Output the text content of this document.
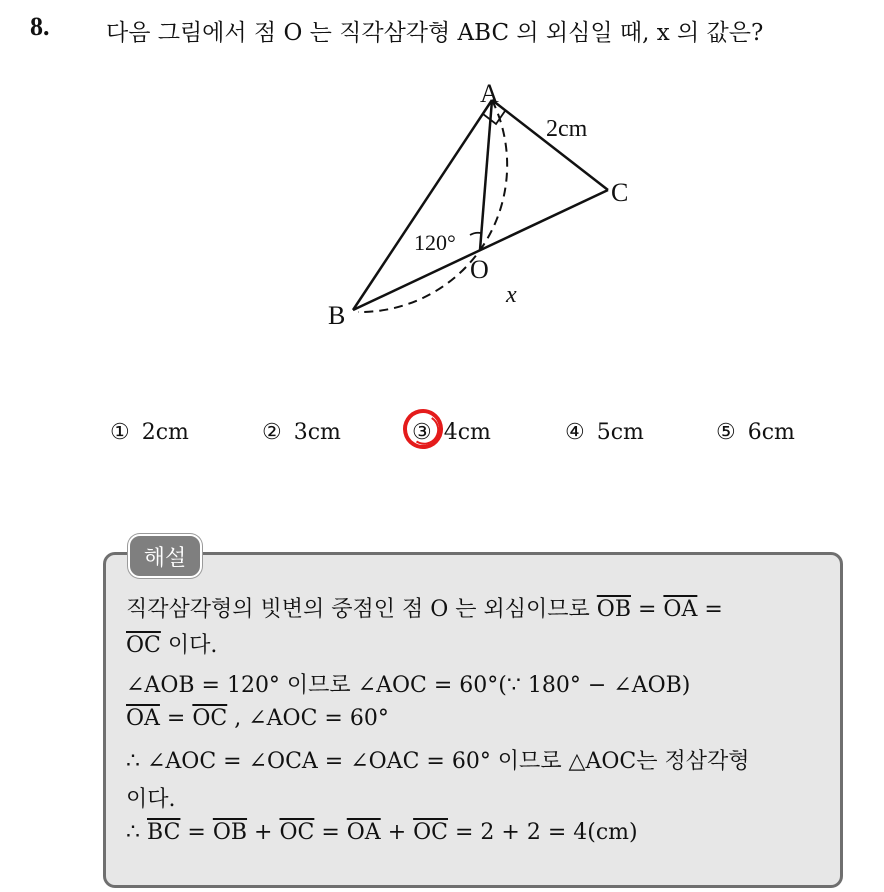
8. 다음 그림에서 점 O 는 직각삼각형 ABC 의 외심일 때, x 의 값은?
A
B
C
O
x
2cm
120°
① 2cm	② 3cm	③ 4cm	④ 5cm	⑤ 6cm
해설
직각삼각형의 빗변의 중점인 점 O 는 외심이므로 $\overline{OB} = \overline{OA}$ =
$\overline{OC}$ 이다.
∠AOB = 120° 이므로 ∠AOC = 60°(∵ 180° − ∠AOB)
$\overline{OA} = \overline{OC}$ , ∠AOC = 60°
∴ ∠AOC = ∠OCA = ∠OAC = 60° 이므로 △AOC는 정삼각형
이다.
∴ $\overline{BC} = \overline{OB} + \overline{OC} = \overline{OA} + \overline{OC} = 2 + 2 = 4(cm)$
